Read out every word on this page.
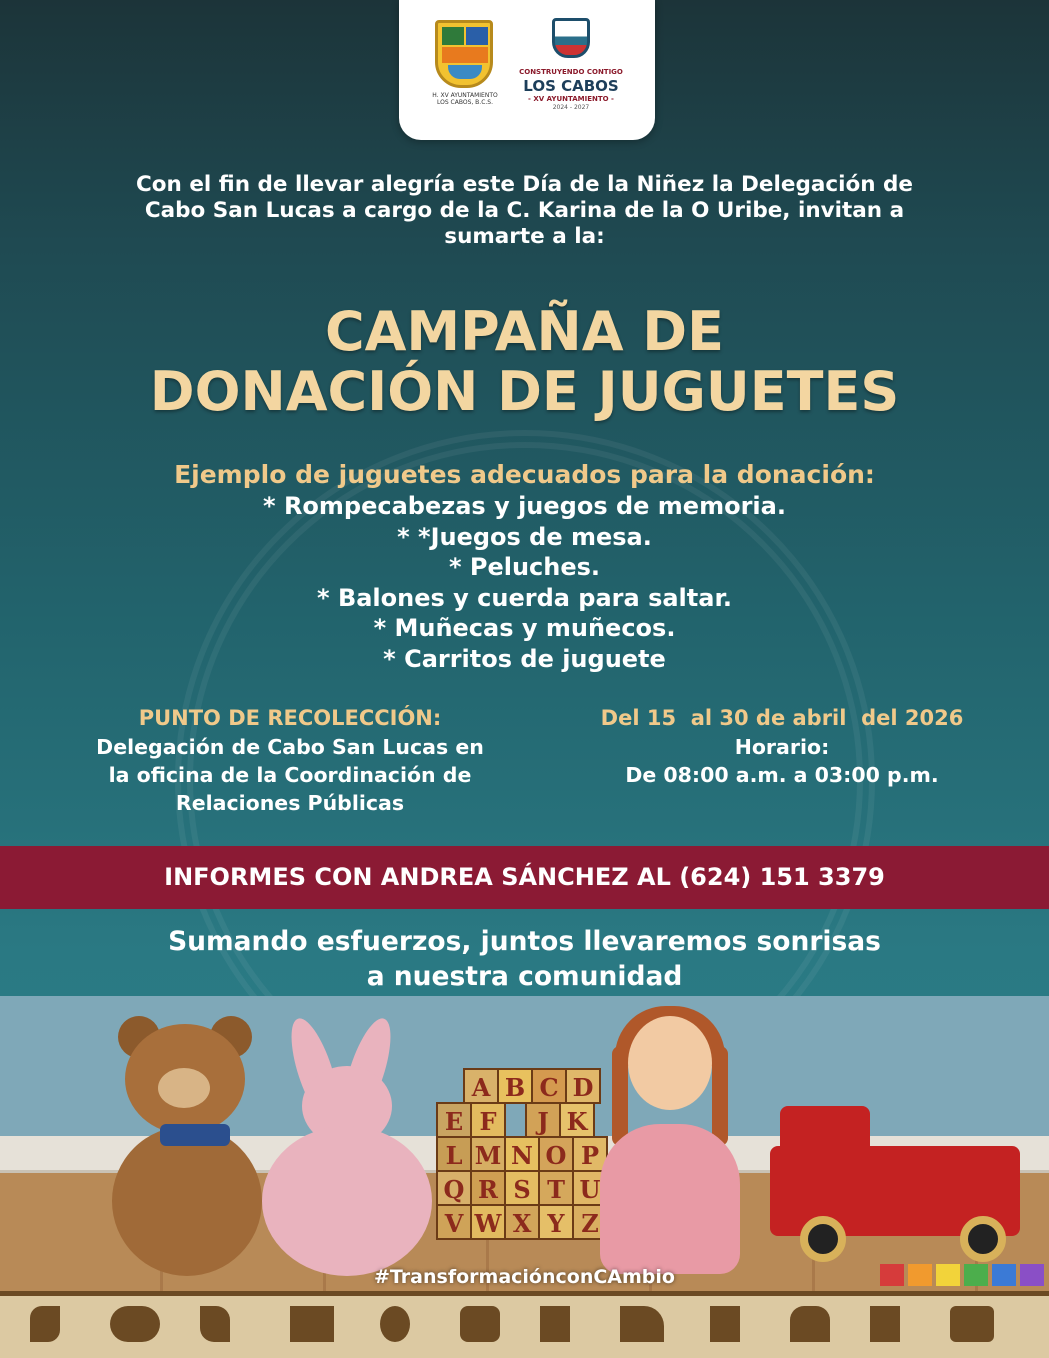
H. XV AYUNTAMIENTO
LOS CABOS, B.C.S.
CONSTRUYENDO CONTIGO
LOS CABOS
- XV AYUNTAMIENTO -
2024 - 2027
Con el fin de llevar alegría este Día de la Niñez la Delegación de
Cabo San Lucas a cargo de la C. Karina de la O Uribe, invitan a
sumarte a la:
CAMPAÑA DE
DONACIÓN DE JUGUETES
Ejemplo de juguetes adecuados para la donación:
* Rompecabezas y juegos de memoria.
* *Juegos de mesa.
* Peluches.
* Balones y cuerda para saltar.
* Muñecas y muñecos.
* Carritos de juguete
PUNTO DE RECOLECCIÓN:
Delegación de Cabo San Lucas en
la oficina de la Coordinación de
Relaciones Públicas
Del 15  al 30 de abril  del 2026
Horario:
De 08:00 a.m. a 03:00 p.m.
INFORMES CON ANDREA SÁNCHEZ AL (624) 151 3379
Sumando esfuerzos, juntos llevaremos sonrisas
a nuestra comunidad
A B C D
E F	J K
L M N O P
Q R S T U
V W X Y Z
#TransformaciónconCAmbio
